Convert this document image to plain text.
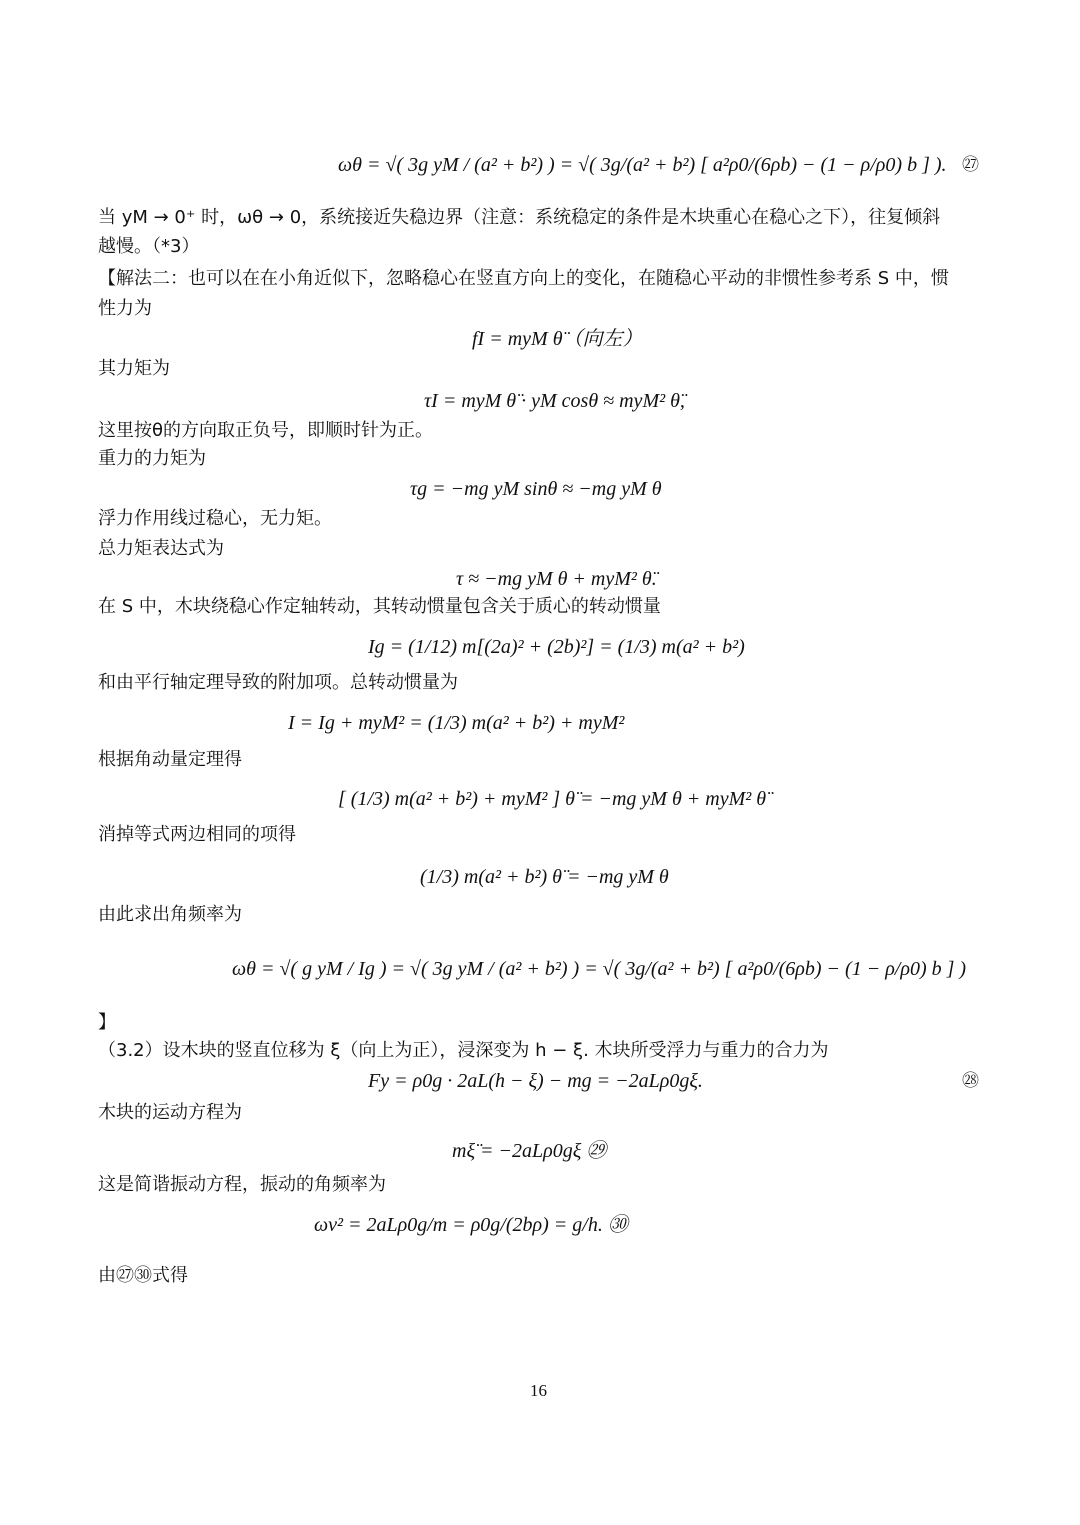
ωθ = √( 3g yM / (a² + b²) ) = √( 3g/(a² + b²) [ a²ρ0/(6ρb) − (1 − ρ/ρ0) b ] ). ㉗
当 yM → 0⁺ 时，ωθ → 0，系统接近失稳边界（注意：系统稳定的条件是木块重心在稳心之下），往复倾斜
越慢。（*3）
【解法二：也可以在在小角近似下，忽略稳心在竖直方向上的变化，在随稳心平动的非惯性参考系 S 中，惯
性力为
fI = myM θ̈（向左）
其力矩为
τI = myM θ̈ · yM cosθ ≈ myM² θ̈,
这里按θ的方向取正负号，即顺时针为正。
重力的力矩为
τg = −mg yM sinθ ≈ −mg yM θ
浮力作用线过稳心，无力矩。
总力矩表达式为
τ ≈ −mg yM θ + myM² θ̈.
在 S 中，木块绕稳心作定轴转动，其转动惯量包含关于质心的转动惯量
Ig = (1/12) m[(2a)² + (2b)²] = (1/3) m(a² + b²)
和由平行轴定理导致的附加项。总转动惯量为
I = Ig + myM² = (1/3) m(a² + b²) + myM²
根据角动量定理得
[ (1/3) m(a² + b²) + myM² ] θ̈ = −mg yM θ + myM² θ̈
消掉等式两边相同的项得
(1/3) m(a² + b²) θ̈ = −mg yM θ
由此求出角频率为
ωθ = √( g yM / Ig ) = √( 3g yM / (a² + b²) ) = √( 3g/(a² + b²) [ a²ρ0/(6ρb) − (1 − ρ/ρ0) b ] )
】
（3.2）设木块的竖直位移为 ξ（向上为正），浸深变为 h − ξ. 木块所受浮力与重力的合力为
Fy = ρ0g · 2aL(h − ξ) − mg = −2aLρ0gξ.	㉘
木块的运动方程为
mξ̈ = −2aLρ0gξ ㉙
这是简谐振动方程，振动的角频率为
ωv² = 2aLρ0g/m = ρ0g/(2bρ) = g/h. ㉚
由㉗㉚式得
16
